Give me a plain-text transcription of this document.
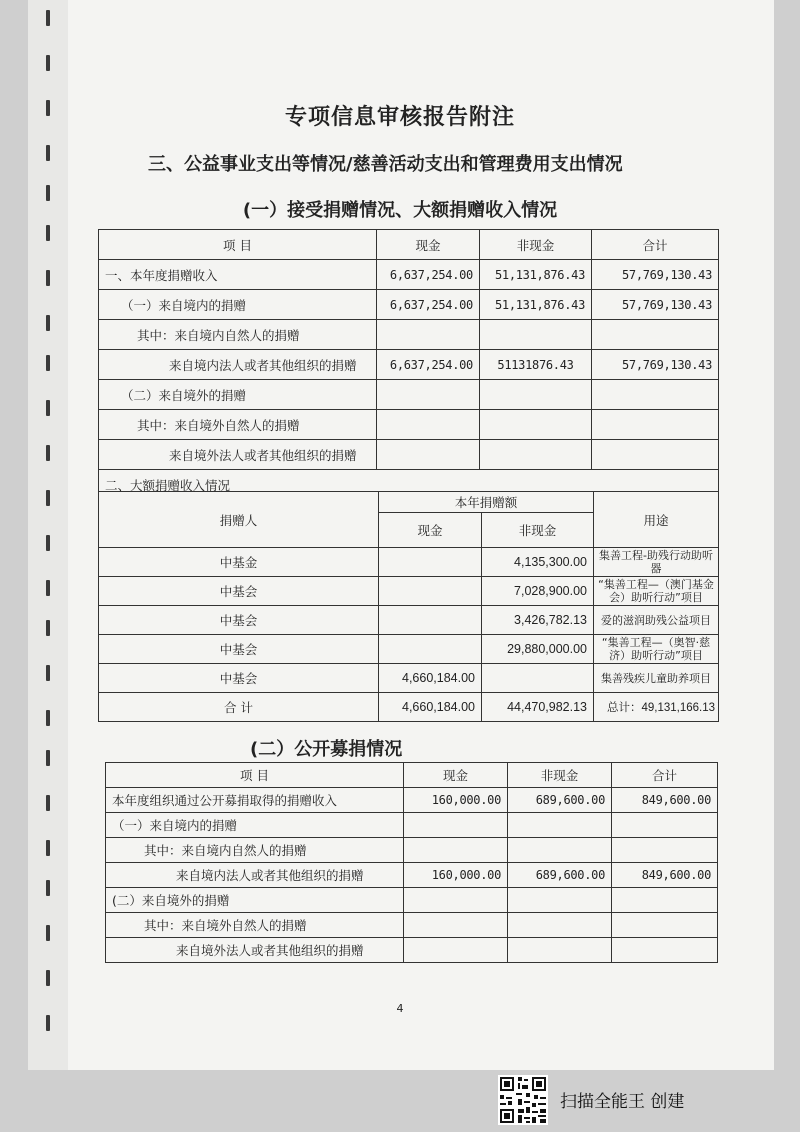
专项信息审核报告附注
三、公益事业支出等情况/慈善活动支出和管理费用支出情况
(一）接受捐赠情况、大额捐赠收入情况
项 目	现金	非现金	合计
一、本年度捐赠收入	6,637,254.00	51,131,876.43	57,769,130.43
（一）来自境内的捐赠	6,637,254.00	51,131,876.43	57,769,130.43
其中：来自境内自然人的捐赠			
来自境内法人或者其他组织的捐赠	6,637,254.00	51131876.43	57,769,130.43
（二）来自境外的捐赠			
其中：来自境外自然人的捐赠			
来自境外法人或者其他组织的捐赠			
二、大额捐赠收入情况			
捐赠人	本年捐赠额		用途
	现金	非现金	
中基金		4,135,300.00	集善工程-助残行动助听器
中基会		7,028,900.00	“集善工程—（澳门基金会）助听行动”项目
中基会		3,426,782.13	爱的滋润助残公益项目
中基会		29,880,000.00	“集善工程—（奥智·慈济）助听行动”项目
中基会	4,660,184.00		集善残疾儿童助养项目
合 计	4,660,184.00	44,470,982.13	总计：49,131,166.13
(二）公开募捐情况
项 目	现金	非现金	合计
本年度组织通过公开募捐取得的捐赠收入	160,000.00	689,600.00	849,600.00
（一）来自境内的捐赠			
其中：来自境内自然人的捐赠			
来自境内法人或者其他组织的捐赠	160,000.00	689,600.00	849,600.00
(二）来自境外的捐赠			
其中：来自境外自然人的捐赠			
来自境外法人或者其他组织的捐赠			
4
扫描全能王 创建
